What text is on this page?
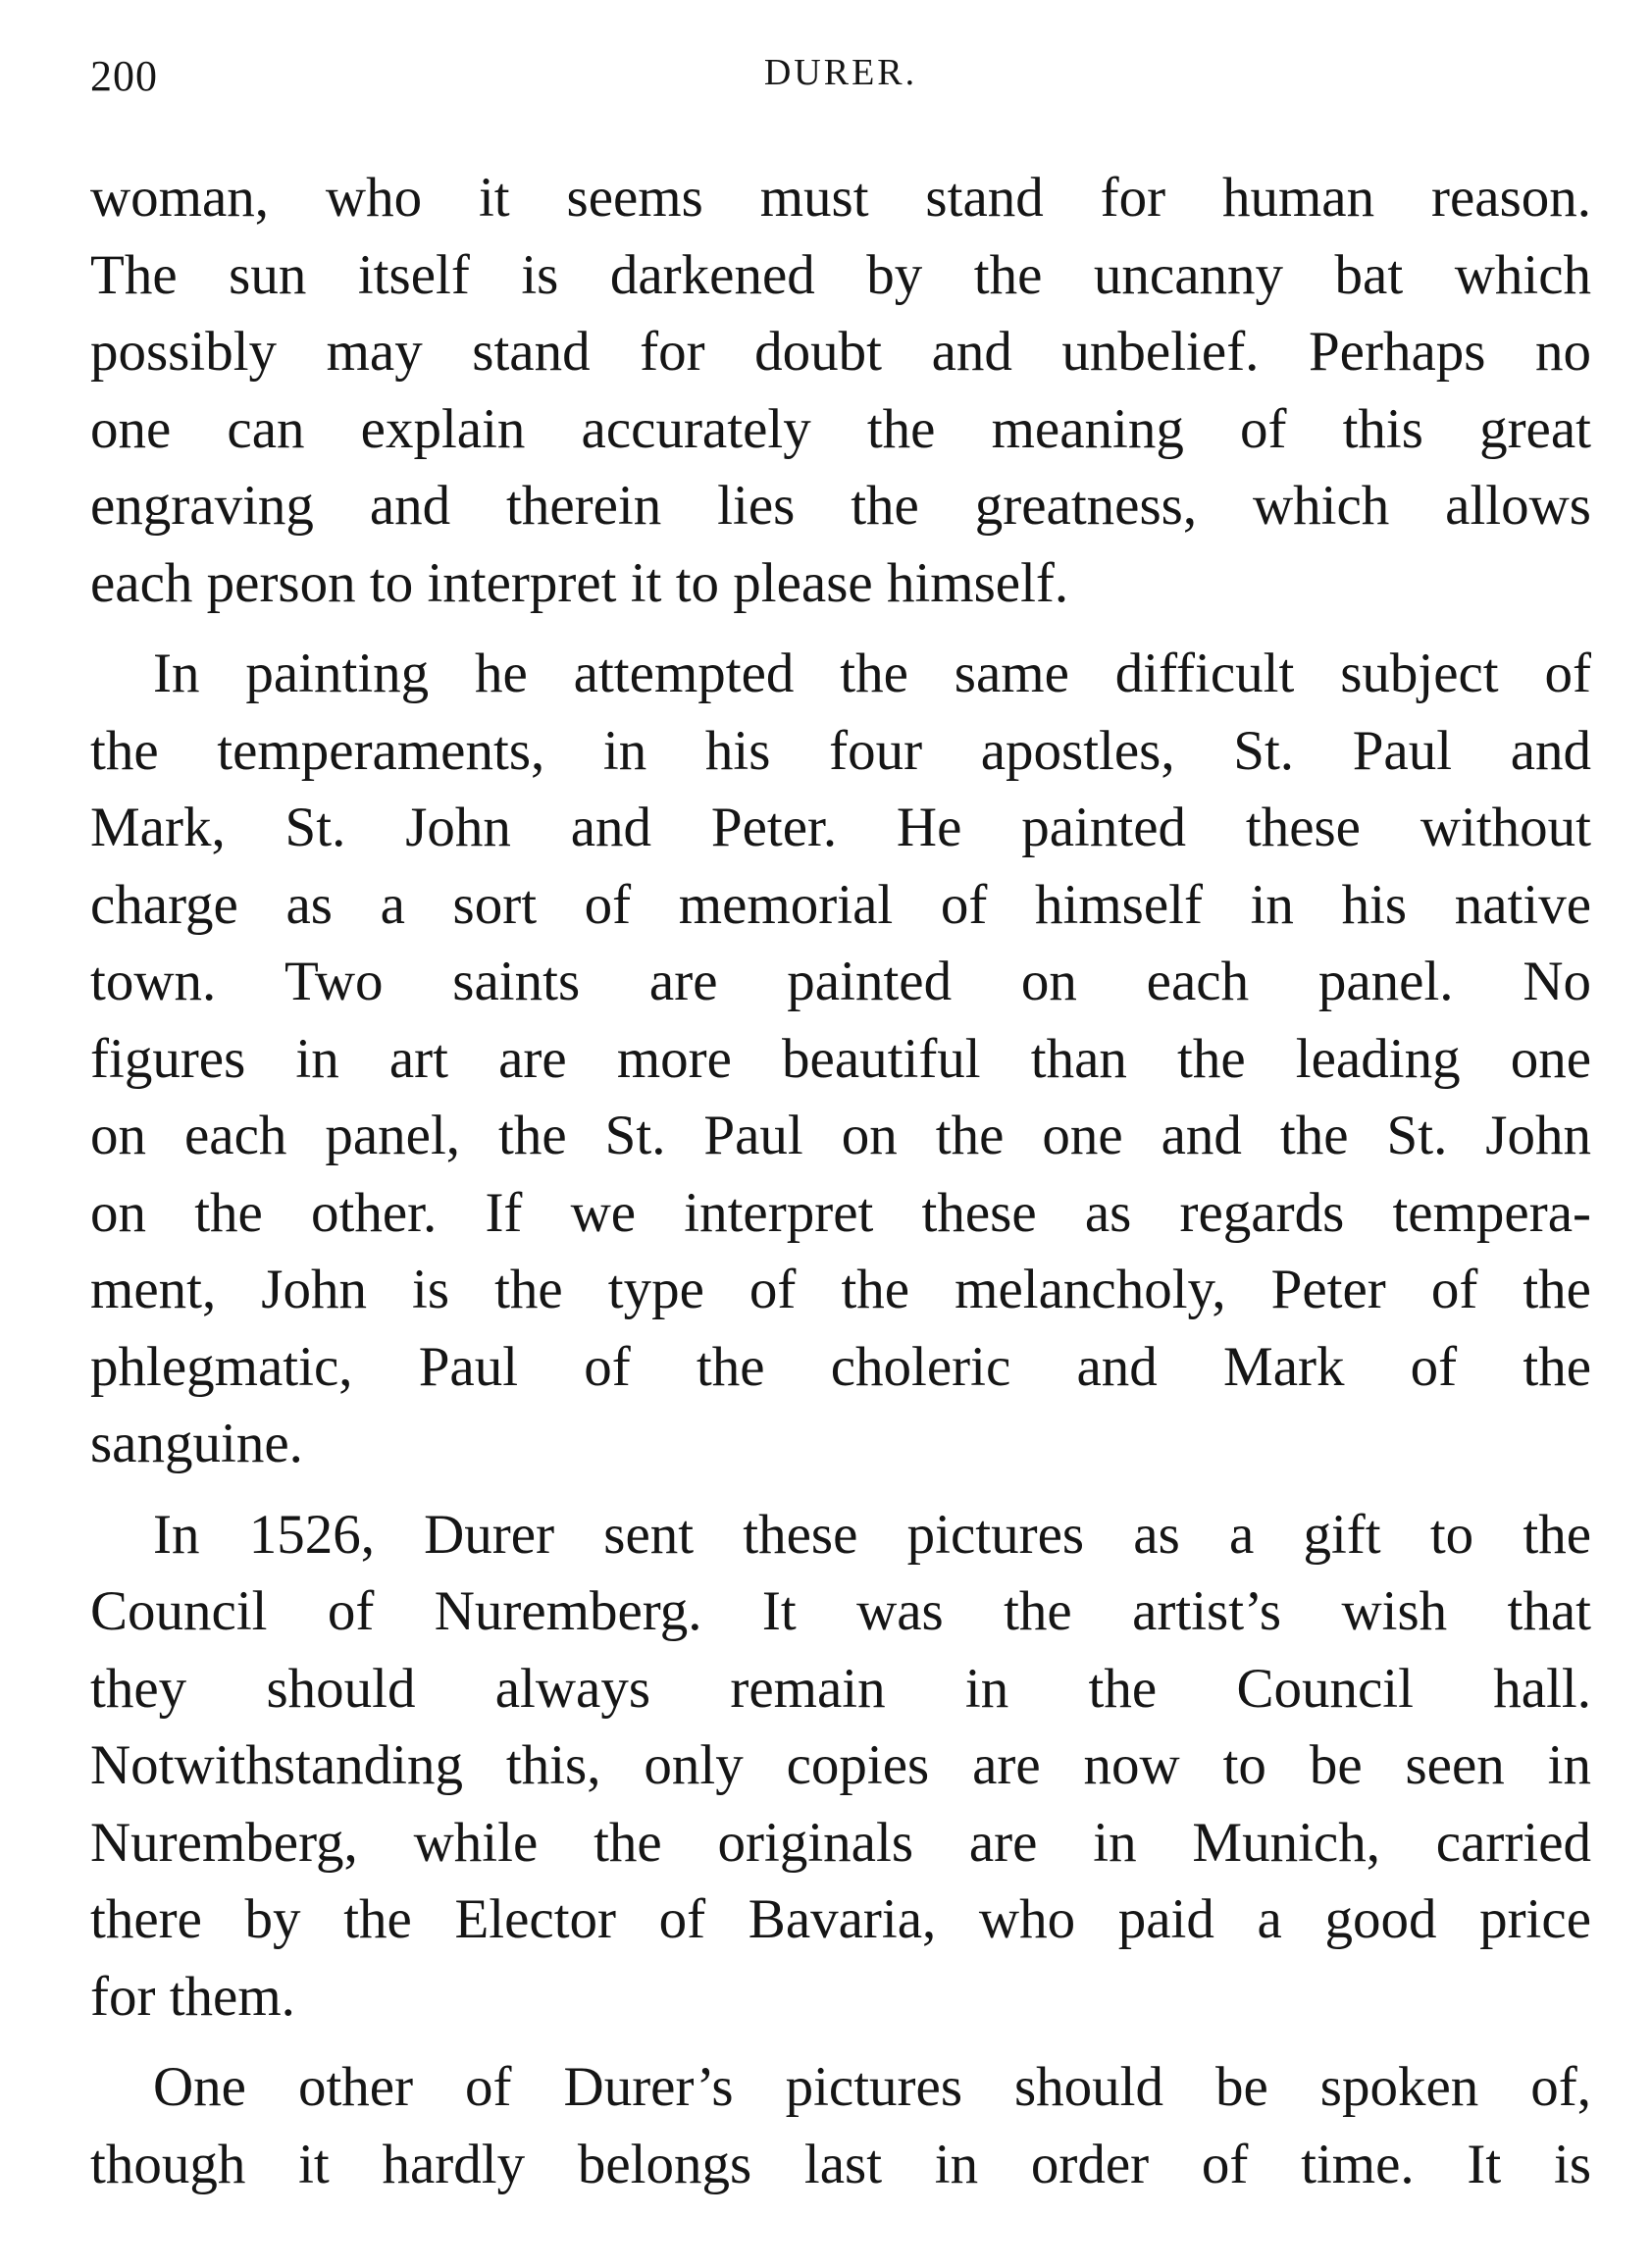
200	DURER.
woman, who it seems must stand for human reason.
The sun itself is darkened by the uncanny bat which
possibly may stand for doubt and unbelief. Perhaps no
one can explain accurately the meaning of this great
engraving and therein lies the greatness, which allows
each person to interpret it to please himself.
In painting he attempted the same difficult subject of
the temperaments, in his four apostles, St. Paul and
Mark, St. John and Peter. He painted these without
charge as a sort of memorial of himself in his native
town. Two saints are painted on each panel. No
figures in art are more beautiful than the leading one
on each panel, the St. Paul on the one and the St. John
on the other. If we interpret these as regards tempera-
ment, John is the type of the melancholy, Peter of the
phlegmatic, Paul of the choleric and Mark of the
sanguine.
In 1526, Durer sent these pictures as a gift to the
Council of Nuremberg. It was the artist’s wish that
they should always remain in the Council hall.
Notwithstanding this, only copies are now to be seen in
Nuremberg, while the originals are in Munich, carried
there by the Elector of Bavaria, who paid a good price
for them.
One other of Durer’s pictures should be spoken of,
though it hardly belongs last in order of time. It is
